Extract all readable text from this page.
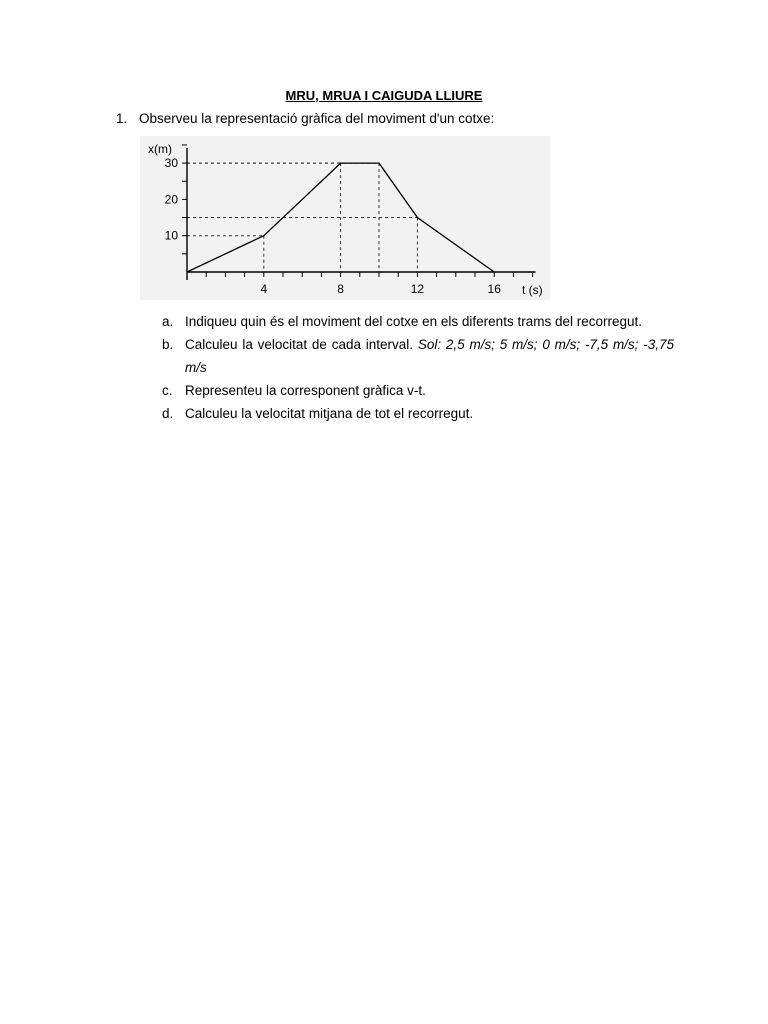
MRU, MRUA I CAIGUDA LLIURE
1. Observeu la representació gràfica del moviment d'un cotxe:
4	8	12	16
10
20
30
x(m)
t (s)
a. Indiqueu quin és el moviment del cotxe en els diferents trams del recorregut.
b. Calculeu la velocitat de cada interval. Sol: 2,5 m/s; 5 m/s; 0 m/s; -7,5 m/s; -3,75 m/s
c. Representeu la corresponent gràfica v-t.
d. Calculeu la velocitat mitjana de tot el recorregut.
